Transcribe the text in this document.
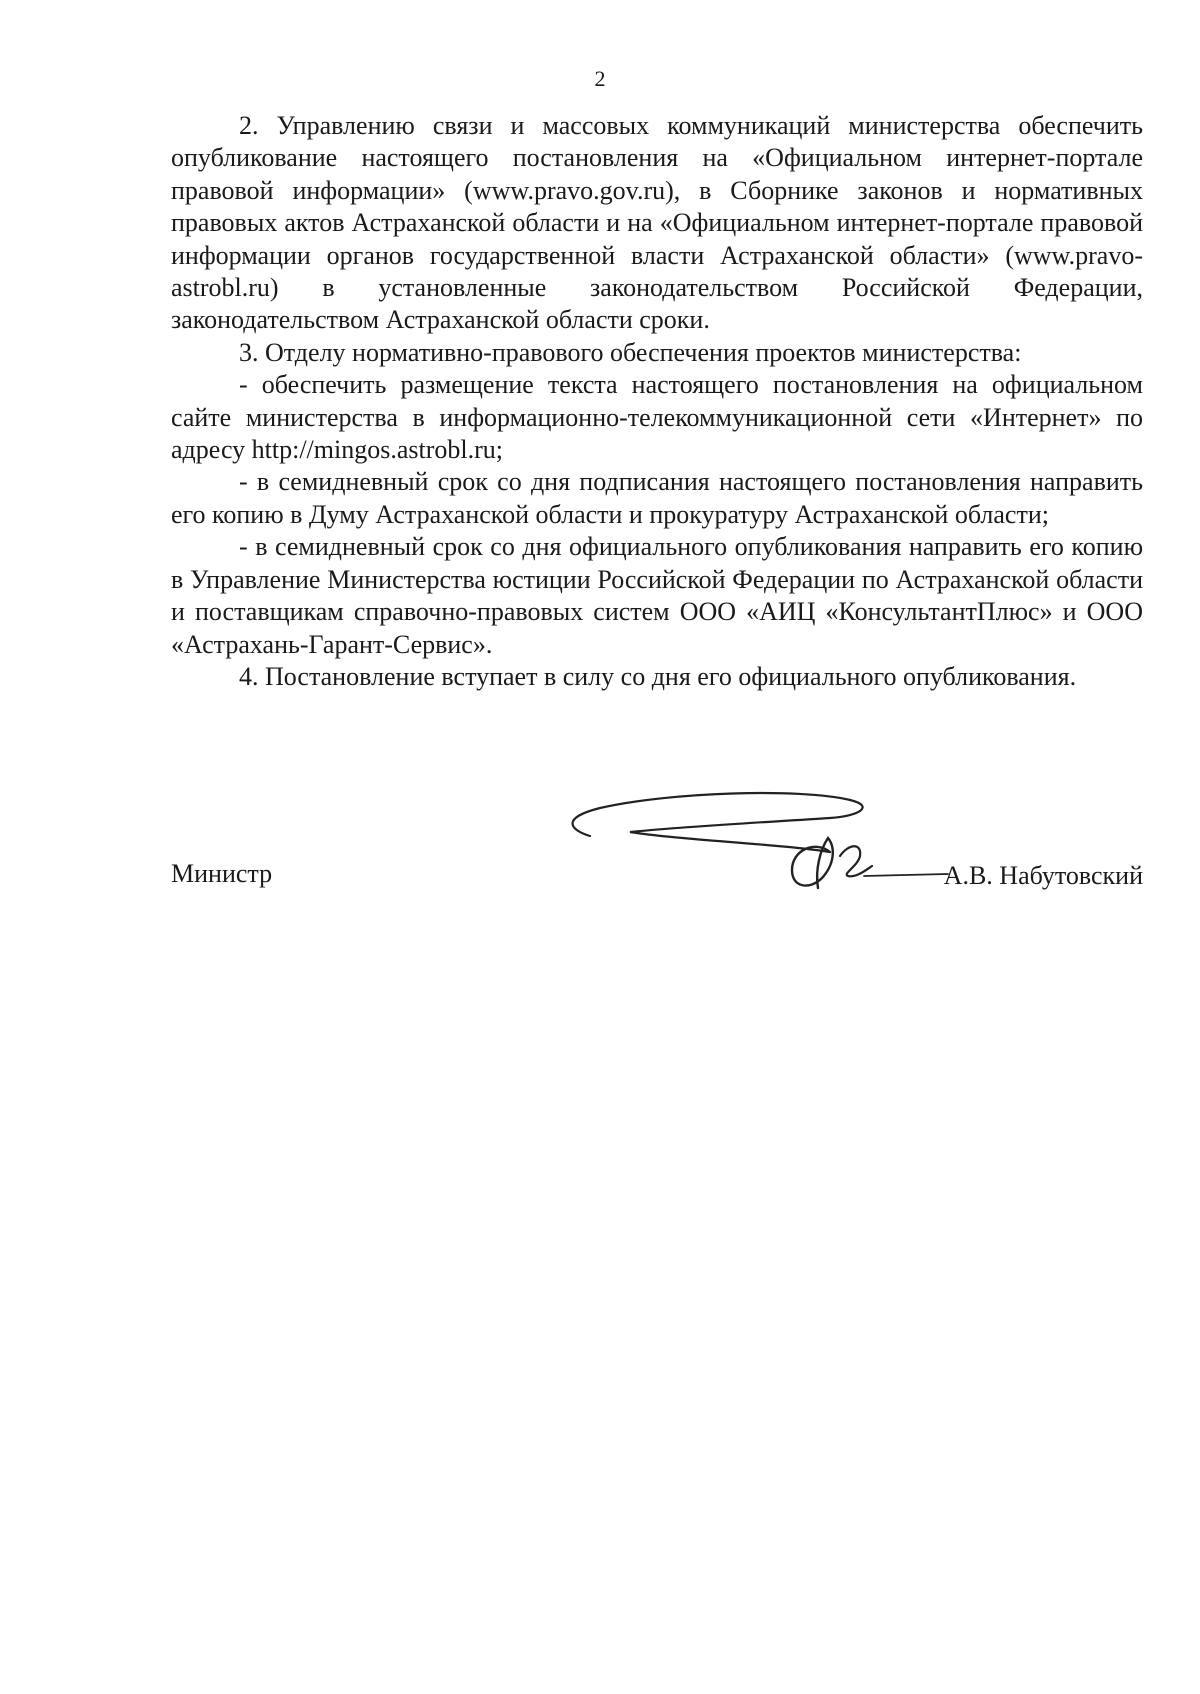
2

2. Управлению связи и массовых коммуникаций министерства обеспечить опубликование настоящего постановления на «Официальном интернет-портале правовой информации» (www.pravo.gov.ru), в Сборнике законов и нормативных правовых актов Астраханской области и на «Официальном интернет-портале правовой информации органов государственной власти Астраханской области» (www.pravo-astrobl.ru) в установленные законодательством Российской Федерации, законодательством Астраханской области сроки.

3. Отделу нормативно-правового обеспечения проектов министерства:

- обеспечить размещение текста настоящего постановления на официальном сайте министерства в информационно-телекоммуникационной сети «Интернет» по адресу http://mingos.astrobl.ru;

- в семидневный срок со дня подписания настоящего постановления направить его копию в Думу Астраханской области и прокуратуру Астраханской области;

- в семидневный срок со дня официального опубликования направить его копию в Управление Министерства юстиции Российской Федерации по Астраханской области и поставщикам справочно-правовых систем ООО «АИЦ «КонсультантПлюс» и ООО «Астрахань-Гарант-Сервис».

4. Постановление вступает в силу со дня его официального опубликования.

Министр	А.В. Набутовский
